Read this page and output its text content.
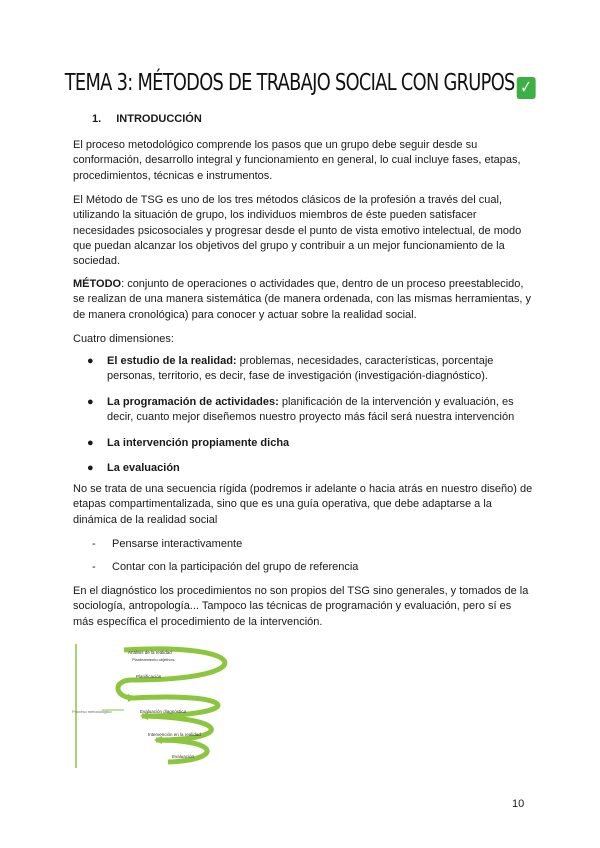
TEMA 3: MÉTODOS DE TRABAJO SOCIAL CON GRUPOS ✓
1. INTRODUCCIÓN

El proceso metodológico comprende los pasos que un grupo debe seguir desde su conformación, desarrollo integral y funcionamiento en general, lo cual incluye fases, etapas, procedimientos, técnicas e instrumentos.

El Método de TSG es uno de los tres métodos clásicos de la profesión a través del cual, utilizando la situación de grupo, los individuos miembros de éste pueden satisfacer necesidades psicosociales y progresar desde el punto de vista emotivo intelectual, de modo que puedan alcanzar los objetivos del grupo y contribuir a un mejor funcionamiento de la sociedad.

MÉTODO: conjunto de operaciones o actividades que, dentro de un proceso preestablecido, se realizan de una manera sistemática (de manera ordenada, con las mismas herramientas, y de manera cronológica) para conocer y actuar sobre la realidad social.

Cuatro dimensiones:

● El estudio de la realidad: problemas, necesidades, características, porcentaje personas, territorio, es decir, fase de investigación (investigación-diagnóstico).
● La programación de actividades: planificación de la intervención y evaluación, es decir, cuanto mejor diseñemos nuestro proyecto más fácil será nuestra intervención
● La intervención propiamente dicha
● La evaluación

No se trata de una secuencia rígida (podremos ir adelante o hacia atrás en nuestro diseño) de etapas compartimentalizada, sino que es una guía operativa, que debe adaptarse a la dinámica de la realidad social

- Pensarse interactivamente
- Contar con la participación del grupo de referencia

En el diagnóstico los procedimientos no son propios del TSG sino generales, y tomados de la sociología, antropología... Tampoco las técnicas de programación y evaluación, pero sí es más específica el procedimiento de la intervención.

Proceso metodológico
Análisis de la realidad
Planteamiento objetivos
Planificación
Evaluación diagnóstica
Intervención en la realidad
Evaluación
10
